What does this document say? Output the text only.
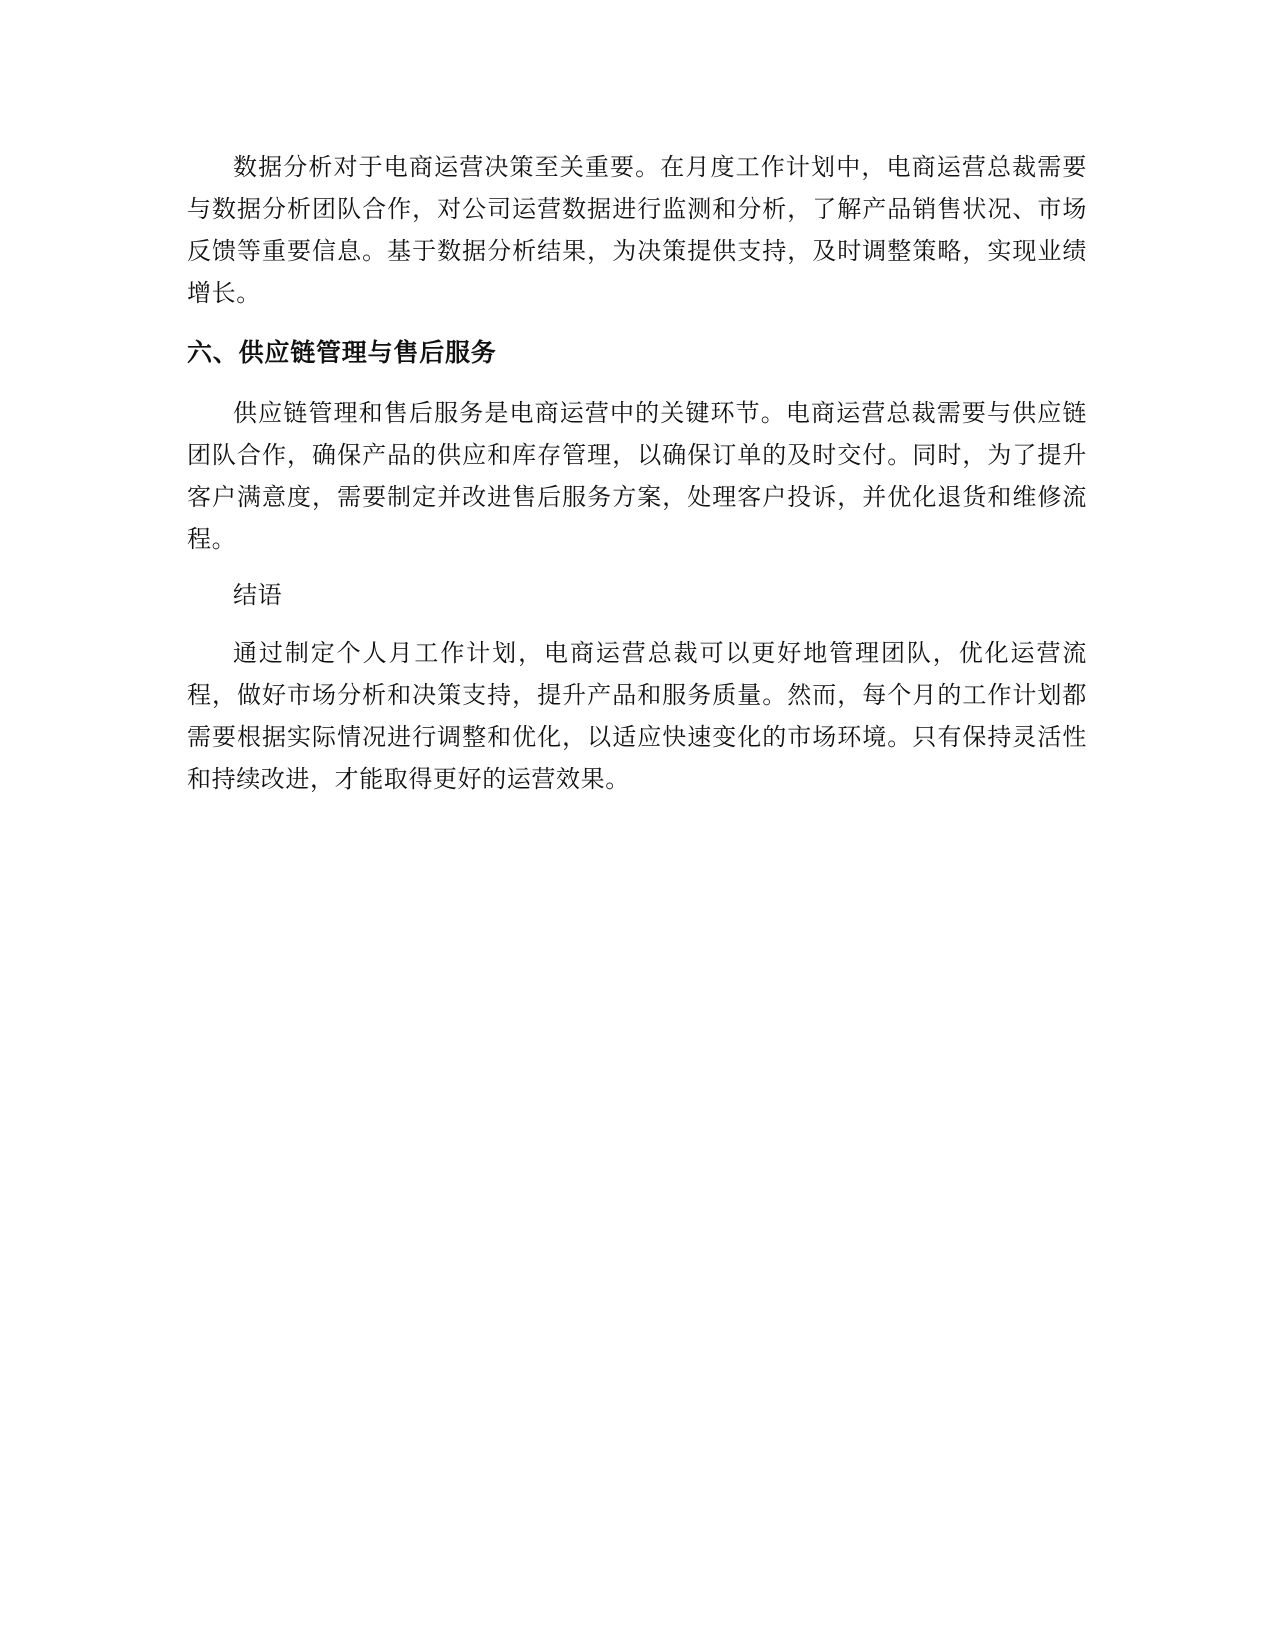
数据分析对于电商运营决策至关重要。在月度工作计划中，电商运营总裁需要与数据分析团队合作，对公司运营数据进行监测和分析，了解产品销售状况、市场反馈等重要信息。基于数据分析结果，为决策提供支持，及时调整策略，实现业绩增长。

六、供应链管理与售后服务

供应链管理和售后服务是电商运营中的关键环节。电商运营总裁需要与供应链团队合作，确保产品的供应和库存管理，以确保订单的及时交付。同时，为了提升客户满意度，需要制定并改进售后服务方案，处理客户投诉，并优化退货和维修流程。

结语

通过制定个人月工作计划，电商运营总裁可以更好地管理团队，优化运营流程，做好市场分析和决策支持，提升产品和服务质量。然而，每个月的工作计划都需要根据实际情况进行调整和优化，以适应快速变化的市场环境。只有保持灵活性和持续改进，才能取得更好的运营效果。
